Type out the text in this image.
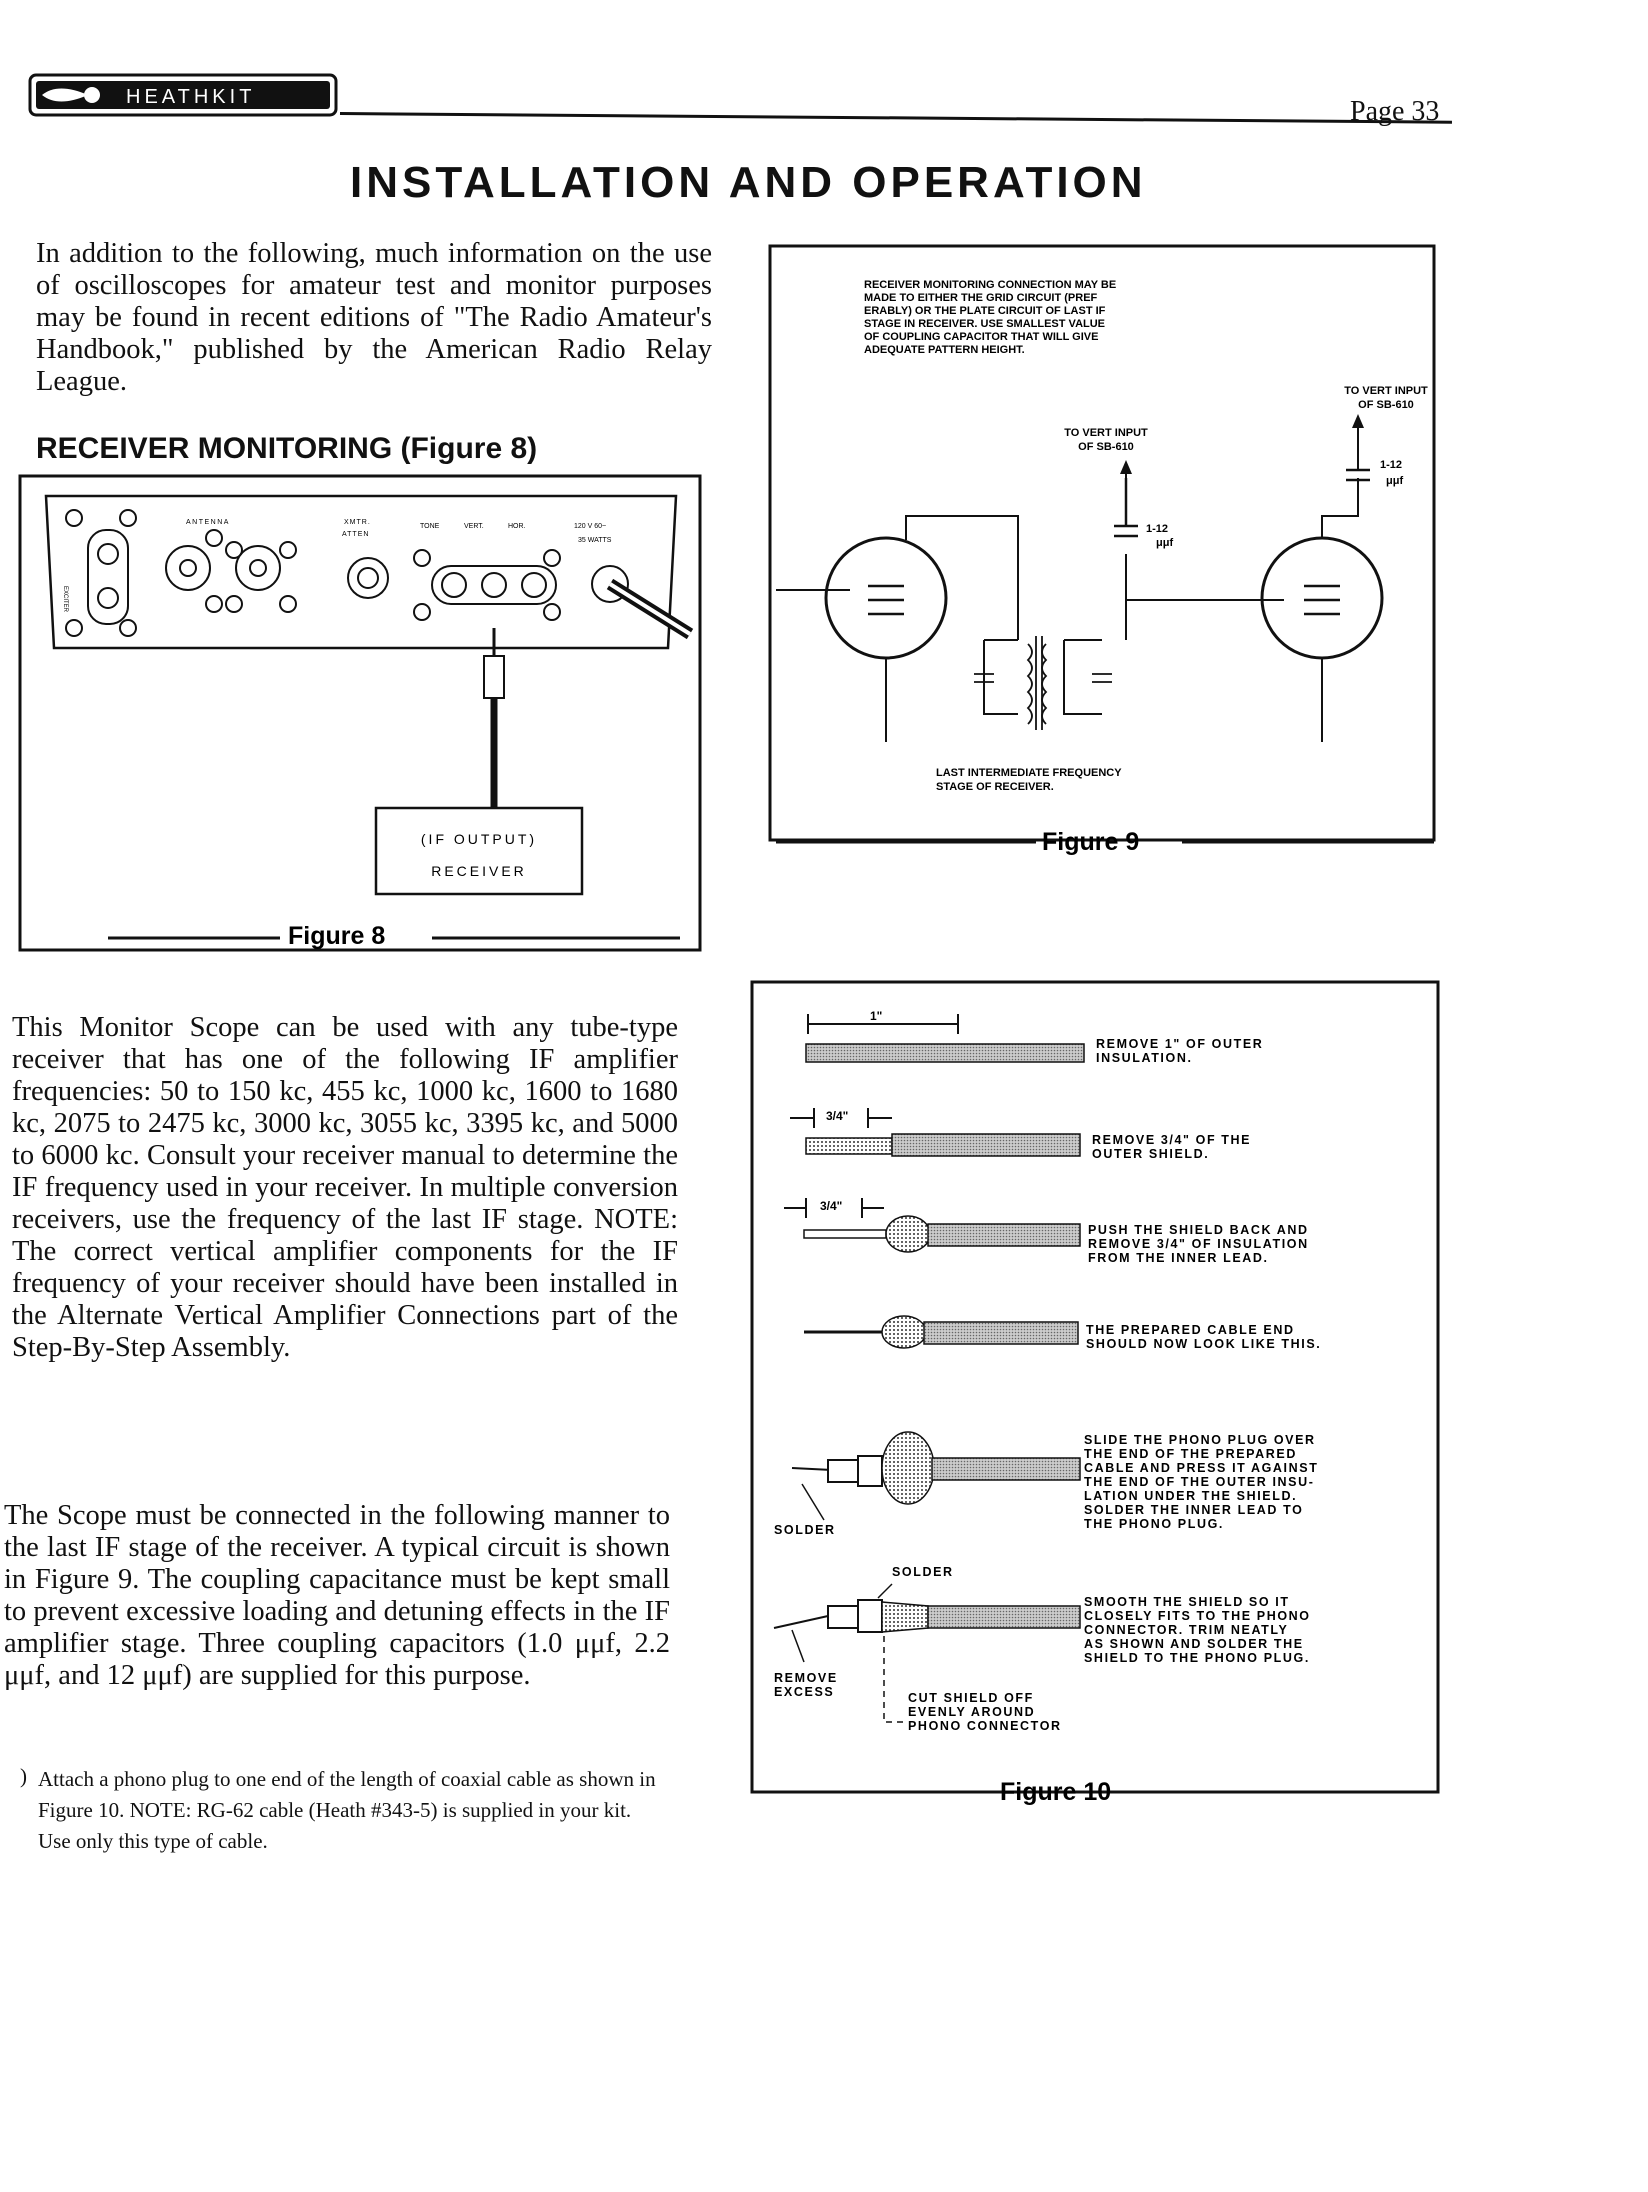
HEATHKIT	Page 33
INSTALLATION AND OPERATION
In addition to the following, much information on the use of oscilloscopes for amateur test and monitor purposes may be found in recent editions of "The Radio Amateur's Handbook," published by the American Radio Relay League.
RECEIVER MONITORING (Figure 8)
(IF OUTPUT)
RECEIVER
ANTENNA	XMTR.
ATTEN
TONE	VERT.	HOR.	120 V 60~
35 WATTS
EXCITER
Figure 8
RECEIVER MONITORING CONNECTION MAY BE
MADE TO EITHER THE GRID CIRCUIT (PREF
ERABLY) OR THE PLATE CIRCUIT OF LAST IF
STAGE IN RECEIVER. USE SMALLEST VALUE
OF COUPLING CAPACITOR THAT WILL GIVE
ADEQUATE PATTERN HEIGHT.
TO VERT INPUT
OF SB-610
TO VERT INPUT
OF SB-610
1-12
μμf
1-12
μμf
LAST INTERMEDIATE FREQUENCY
STAGE OF RECEIVER.
Figure 9
1"
3/4"
3/4"
SOLDER
SOLDER
REMOVE
EXCESS	CUT SHIELD OFF
EVENLY AROUND
PHONO CONNECTOR
REMOVE 1" OF OUTER
INSULATION.
REMOVE 3/4" OF THE
OUTER SHIELD.
PUSH THE SHIELD BACK AND
REMOVE 3/4" OF INSULATION
FROM THE INNER LEAD.
THE PREPARED CABLE END
SHOULD NOW LOOK LIKE THIS.
SLIDE THE PHONO PLUG OVER
THE END OF THE PREPARED
CABLE AND PRESS IT AGAINST
THE END OF THE OUTER INSU-
LATION UNDER THE SHIELD.
SOLDER THE INNER LEAD TO
THE PHONO PLUG.
SMOOTH THE SHIELD SO IT
CLOSELY FITS TO THE PHONO
CONNECTOR. TRIM NEATLY
AS SHOWN AND SOLDER THE
SHIELD TO THE PHONO PLUG.
Figure 10
This Monitor Scope can be used with any tube-type receiver that has one of the following IF amplifier frequencies: 50 to 150 kc, 455 kc, 1000 kc, 1600 to 1680 kc, 2075 to 2475 kc, 3000 kc, 3055 kc, 3395 kc, and 5000 to 6000 kc. Consult your receiver manual to determine the IF frequency used in your receiver. In multiple conversion receivers, use the frequency of the last IF stage. NOTE: The correct vertical amplifier components for the IF frequency of your receiver should have been installed in the Alternate Vertical Amplifier Connections part of the Step-By-Step Assembly.
The Scope must be connected in the following manner to the last IF stage of the receiver. A typical circuit is shown in Figure 9. The coupling capacitance must be kept small to prevent excessive loading and detuning effects in the IF amplifier stage. Three coupling capacitors (1.0 μμf, 2.2 μμf, and 12 μμf) are supplied for this purpose.
) Attach a phono plug to one end of the length of coaxial cable as shown in Figure 10. NOTE: RG-62 cable (Heath #343-5) is supplied in your kit. Use only this type of cable.
